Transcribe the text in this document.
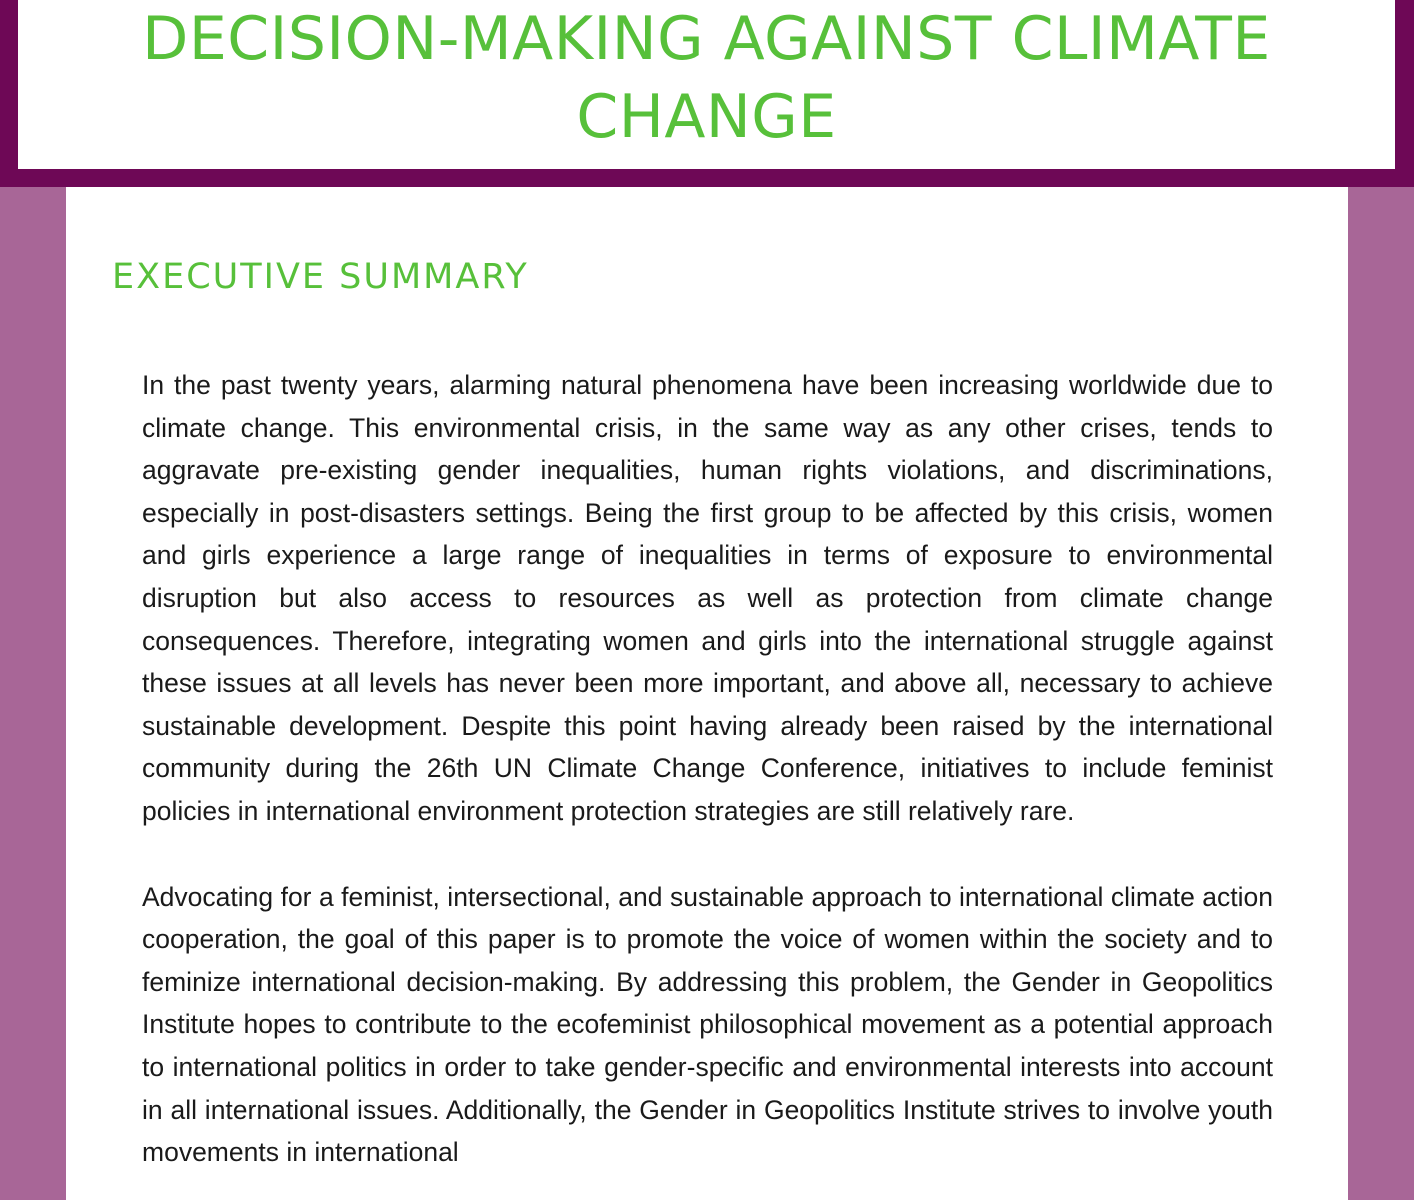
DECISION-MAKING AGAINST CLIMATE CHANGE
EXECUTIVE SUMMARY

In the past twenty years, alarming natural phenomena have been increasing worldwide due to climate change. This environmental crisis, in the same way as any other crises, tends to aggravate pre-existing gender inequalities, human rights violations, and discriminations, especially in post-disasters settings. Being the first group to be affected by this crisis, women and girls experience a large range of inequalities in terms of exposure to environmental disruption but also access to resources as well as protection from climate change consequences. Therefore, integrating women and girls into the international struggle against these issues at all levels has never been more important, and above all, necessary to achieve sustainable development. Despite this point having already been raised by the international community during the 26th UN Climate Change Conference, initiatives to include feminist policies in international environment protection strategies are still relatively rare.

Advocating for a feminist, intersectional, and sustainable approach to international climate action cooperation, the goal of this paper is to promote the voice of women within the society and to feminize international decision-making. By addressing this problem, the Gender in Geopolitics Institute hopes to contribute to the ecofeminist philosophical movement as a potential approach to international politics in order to take gender-specific and environmental interests into account in all international issues. Additionally, the Gender in Geopolitics Institute strives to involve youth movements in international
